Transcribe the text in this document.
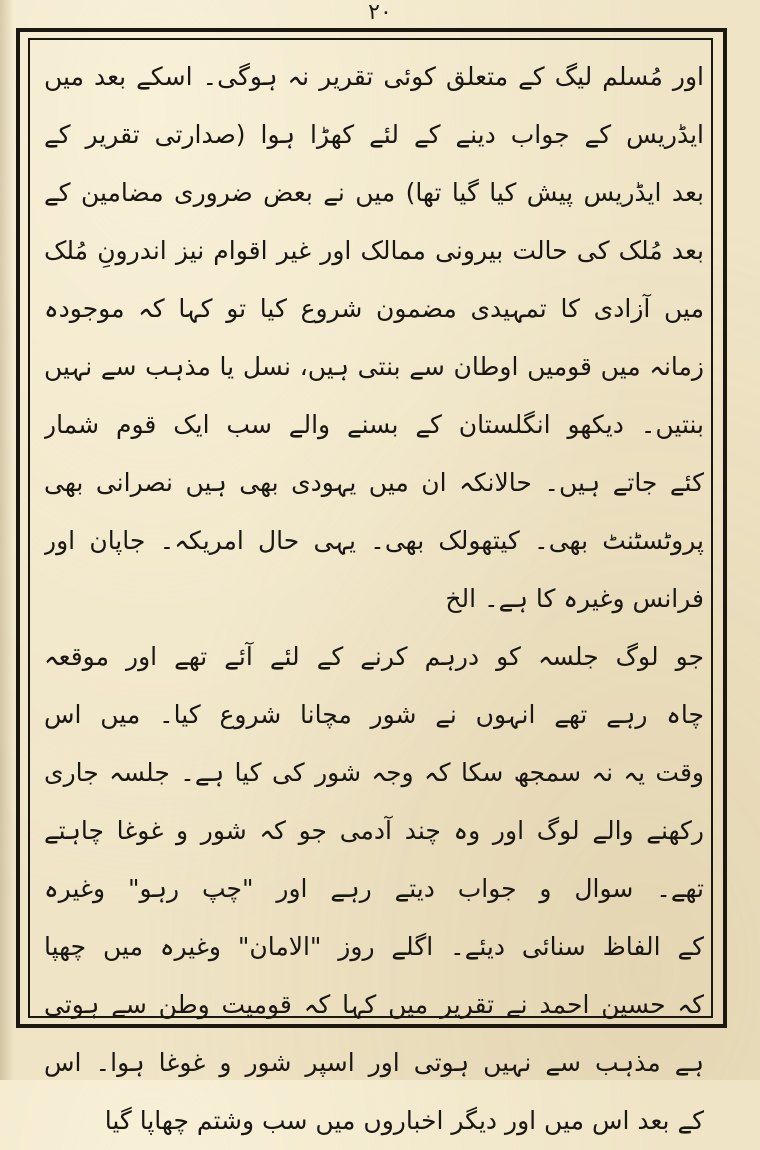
۲۰
اور مُسلم لیگ کے متعلق کوئی تقریر نہ ہوگی۔ اسکے بعد میں
ایڈریس کے جواب دینے کے لئے کھڑا ہوا (صدارتی تقریر کے
بعد ایڈریس پیش کیا گیا تھا) میں نے بعض ضروری مضامین کے
بعد مُلک کی حالت بیرونی ممالک اور غیر اقوام نیز اندرونِ مُلک
میں آزادی کا تمہیدی مضمون شروع کیا تو کہا کہ موجودہ
زمانہ میں قومیں اوطان سے بنتی ہیں، نسل یا مذہب سے نہیں
بنتیں۔ دیکھو انگلستان کے بسنے والے سب ایک قوم شمار
کئے جاتے ہیں۔ حالانکہ ان میں یہودی بھی ہیں نصرانی بھی
پروٹسٹنٹ بھی۔ کیتھولک بھی۔ یہی حال امریکہ۔ جاپان اور
فرانس وغیرہ کا ہے۔ الخ
جو لوگ جلسہ کو درہم کرنے کے لئے آئے تھے اور موقعہ
چاہ رہے تھے انہوں نے شور مچانا شروع کیا۔ میں اس
وقت یہ نہ سمجھ سکا کہ وجہ شور کی کیا ہے۔ جلسہ جاری
رکھنے والے لوگ اور وہ چند آدمی جو کہ شور و غوغا چاہتے
تھے۔ سوال و جواب دیتے رہے اور "چپ رہو" وغیرہ
کے الفاظ سنائی دیئے۔ اگلے روز "الامان" وغیرہ میں چھپا
کہ حسین احمد نے تقریر میں کہا کہ قومیت وطن سے ہوتی
ہے مذہب سے نہیں ہوتی اور اسپر شور و غوغا ہوا۔ اس
کے بعد اس میں اور دیگر اخباروں میں سب وشتم چھاپا گیا
